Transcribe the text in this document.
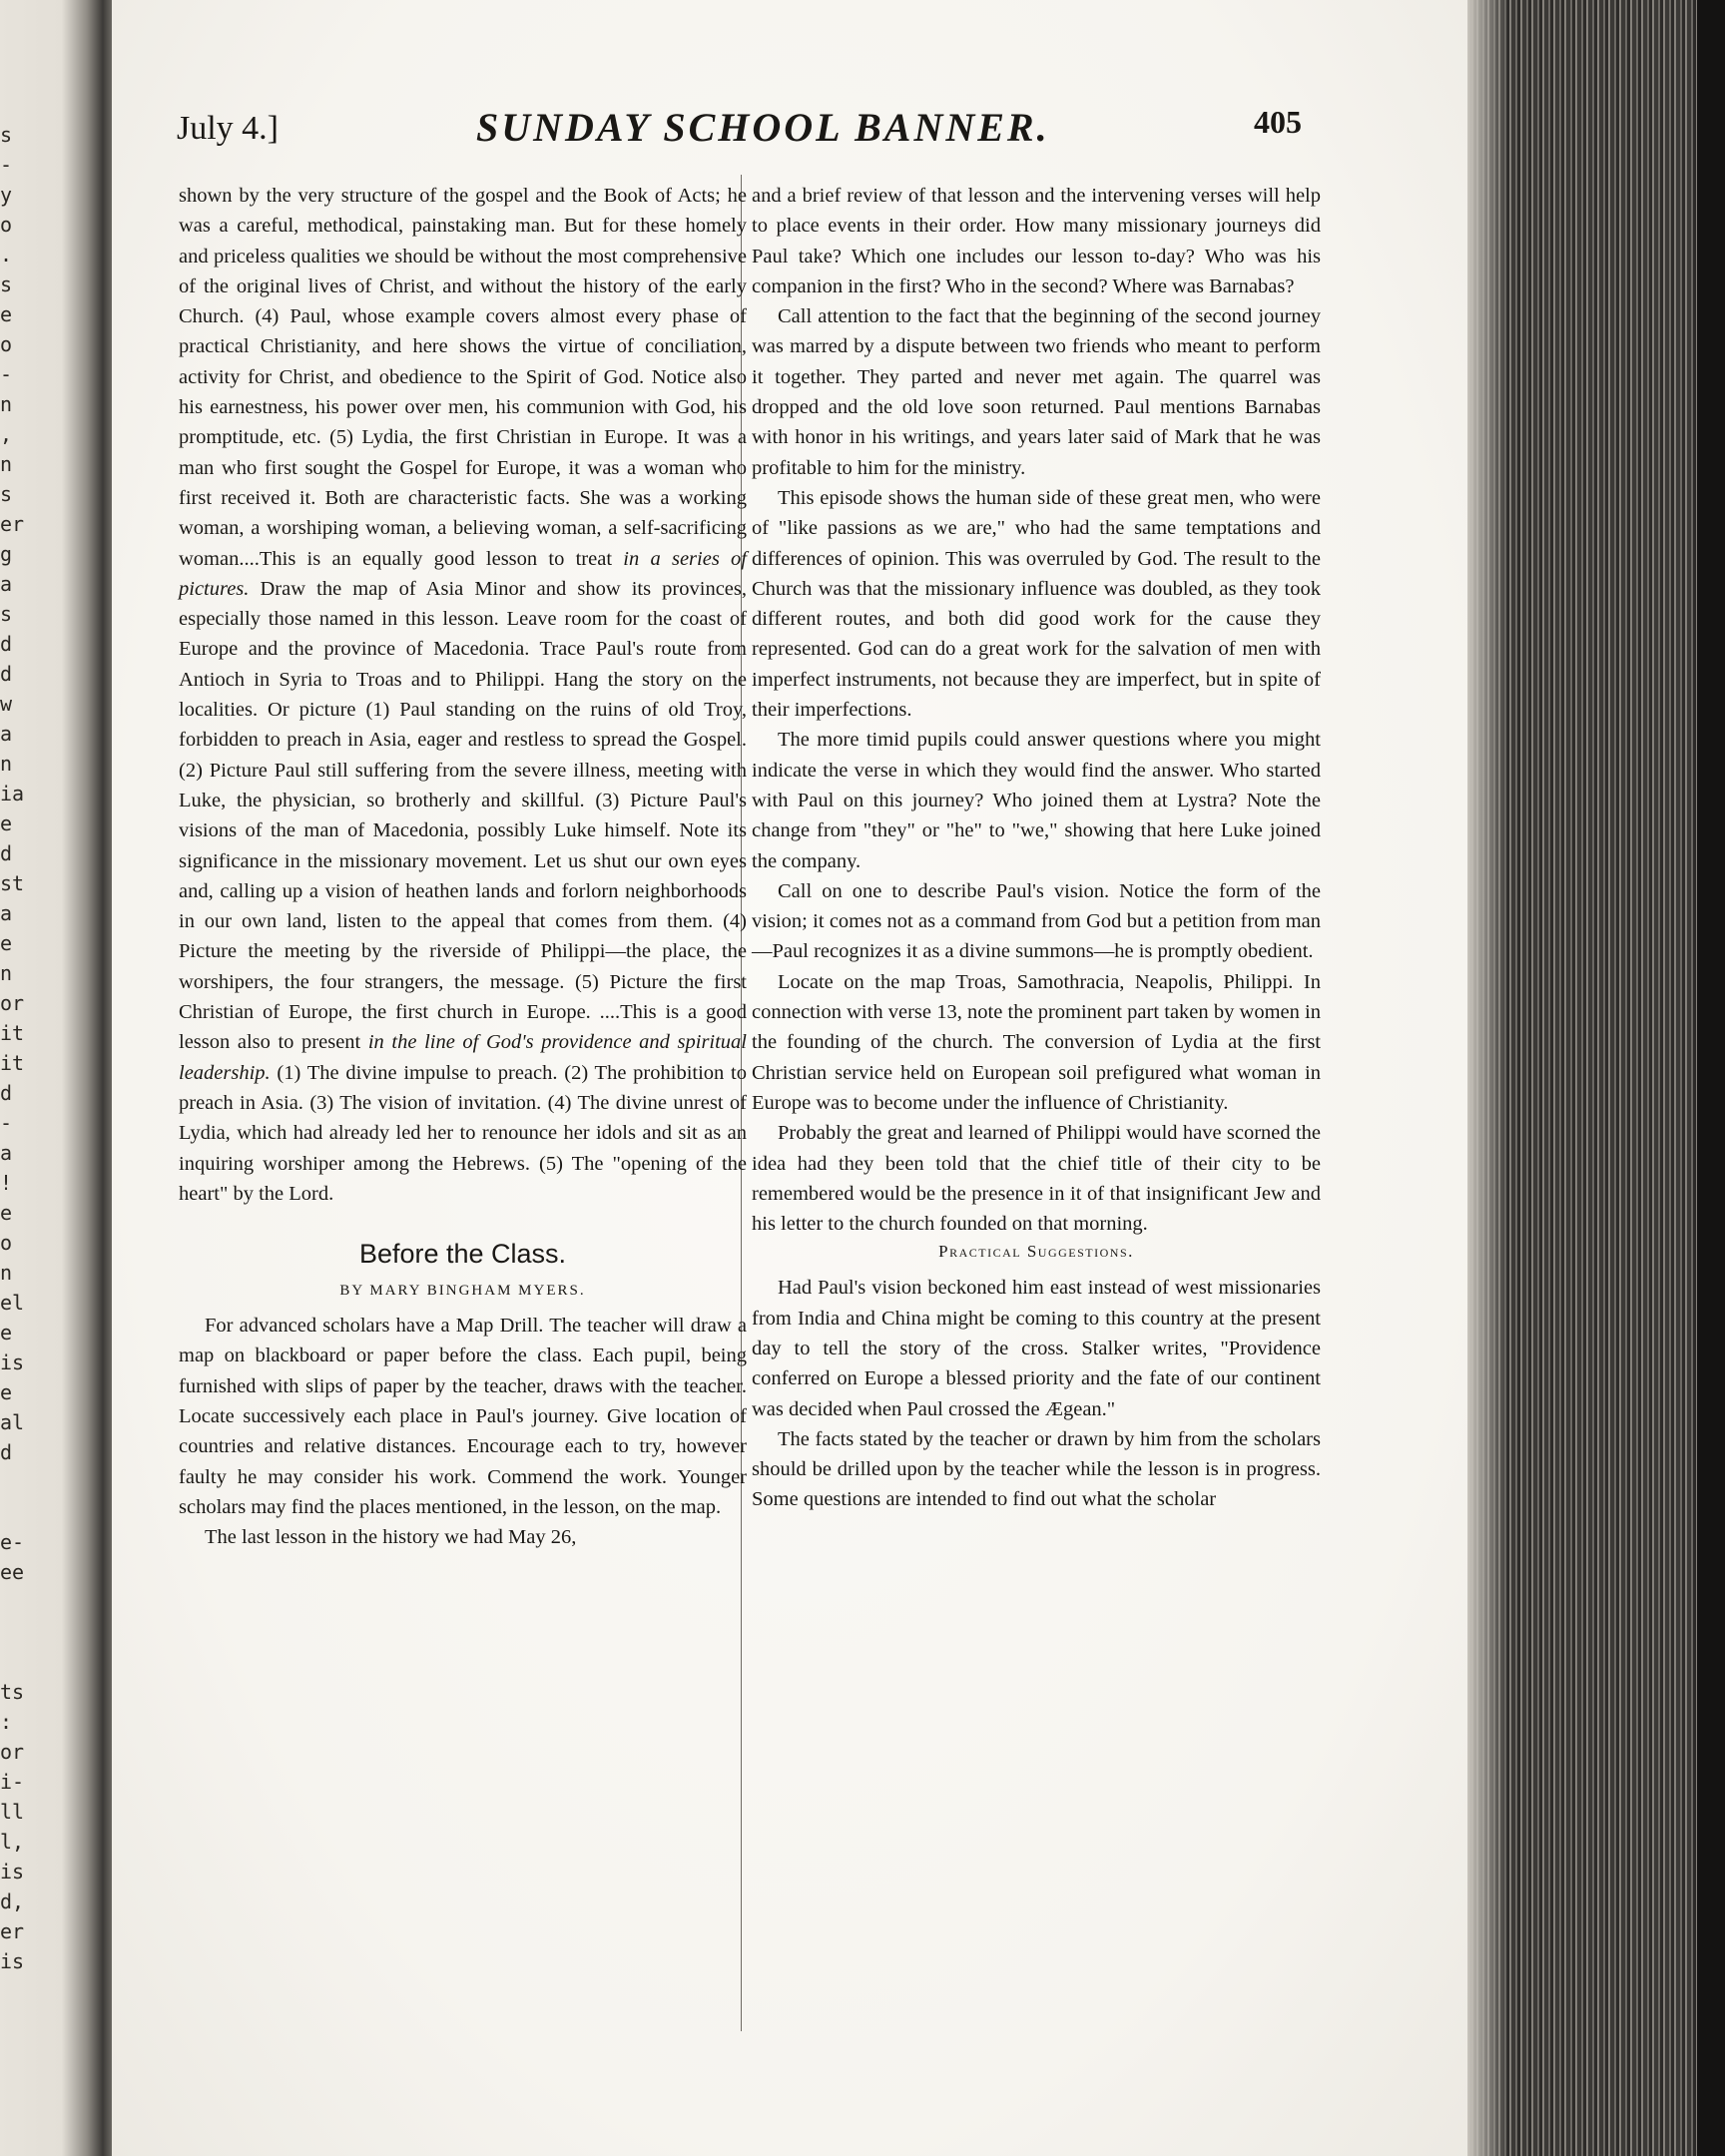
s
-
y
o
.
s
e
o
-
n
,
n
s
er
g
a
s
d
d
w
a
n
ia
e
d
st
a
e
n
or
it
it
d
-
a
!
e
o
n
el
e
is
e
al
d

e-
ee

ts
:
or
i-
ll
l,
is
d,
er
is
July 4.]	SUNDAY SCHOOL BANNER.	405

shown by the very structure of the gospel and the Book of Acts; he was a careful, methodical, painstaking man. But for these homely and priceless qualities we should be without the most comprehensive of the original lives of Christ, and without the history of the early Church. (4) Paul, whose example covers almost every phase of practical Christianity, and here shows the virtue of conciliation, activity for Christ, and obedience to the Spirit of God. Notice also his earnestness, his power over men, his communion with God, his promptitude, etc. (5) Lydia, the first Christian in Europe. It was a man who first sought the Gospel for Europe, it was a woman who first received it. Both are characteristic facts. She was a working woman, a worshiping woman, a believing woman, a self-sacrificing woman....This is an equally good lesson to treat in a series of pictures. Draw the map of Asia Minor and show its provinces, especially those named in this lesson. Leave room for the coast of Europe and the province of Macedonia. Trace Paul's route from Antioch in Syria to Troas and to Philippi. Hang the story on the localities. Or picture (1) Paul standing on the ruins of old Troy, forbidden to preach in Asia, eager and restless to spread the Gospel. (2) Picture Paul still suffering from the severe illness, meeting with Luke, the physician, so brotherly and skillful. (3) Picture Paul's visions of the man of Macedonia, possibly Luke himself. Note its significance in the missionary movement. Let us shut our own eyes and, calling up a vision of heathen lands and forlorn neighborhoods in our own land, listen to the appeal that comes from them. (4) Picture the meeting by the riverside of Philippi—the place, the worshipers, the four strangers, the message. (5) Picture the first Christian of Europe, the first church in Europe. ....This is a good lesson also to present in the line of God's providence and spiritual leadership. (1) The divine impulse to preach. (2) The prohibition to preach in Asia. (3) The vision of invitation. (4) The divine unrest of Lydia, which had already led her to renounce her idols and sit as an inquiring worshiper among the Hebrews. (5) The "opening of the heart" by the Lord.

Before the Class.
BY MARY BINGHAM MYERS.

For advanced scholars have a Map Drill. The teacher will draw a map on blackboard or paper before the class. Each pupil, being furnished with slips of paper by the teacher, draws with the teacher. Locate successively each place in Paul's journey. Give location of countries and relative distances. Encourage each to try, however faulty he may consider his work. Commend the work. Younger scholars may find the places mentioned, in the lesson, on the map.

The last lesson in the history we had May 26,

and a brief review of that lesson and the intervening verses will help to place events in their order. How many missionary journeys did Paul take? Which one includes our lesson to-day? Who was his companion in the first? Who in the second? Where was Barnabas?

Call attention to the fact that the beginning of the second journey was marred by a dispute between two friends who meant to perform it together. They parted and never met again. The quarrel was dropped and the old love soon returned. Paul mentions Barnabas with honor in his writings, and years later said of Mark that he was profitable to him for the ministry.

This episode shows the human side of these great men, who were of "like passions as we are," who had the same temptations and differences of opinion. This was overruled by God. The result to the Church was that the missionary influence was doubled, as they took different routes, and both did good work for the cause they represented. God can do a great work for the salvation of men with imperfect instruments, not because they are imperfect, but in spite of their imperfections.

The more timid pupils could answer questions where you might indicate the verse in which they would find the answer. Who started with Paul on this journey? Who joined them at Lystra? Note the change from "they" or "he" to "we," showing that here Luke joined the company.

Call on one to describe Paul's vision. Notice the form of the vision; it comes not as a command from God but a petition from man—Paul recognizes it as a divine summons—he is promptly obedient.

Locate on the map Troas, Samothracia, Neapolis, Philippi. In connection with verse 13, note the prominent part taken by women in the founding of the church. The conversion of Lydia at the first Christian service held on European soil prefigured what woman in Europe was to become under the influence of Christianity.

Probably the great and learned of Philippi would have scorned the idea had they been told that the chief title of their city to be remembered would be the presence in it of that insignificant Jew and his letter to the church founded on that morning.

Practical Suggestions.

Had Paul's vision beckoned him east instead of west missionaries from India and China might be coming to this country at the present day to tell the story of the cross. Stalker writes, "Providence conferred on Europe a blessed priority and the fate of our continent was decided when Paul crossed the Ægean."

The facts stated by the teacher or drawn by him from the scholars should be drilled upon by the teacher while the lesson is in progress. Some questions are intended to find out what the scholar
